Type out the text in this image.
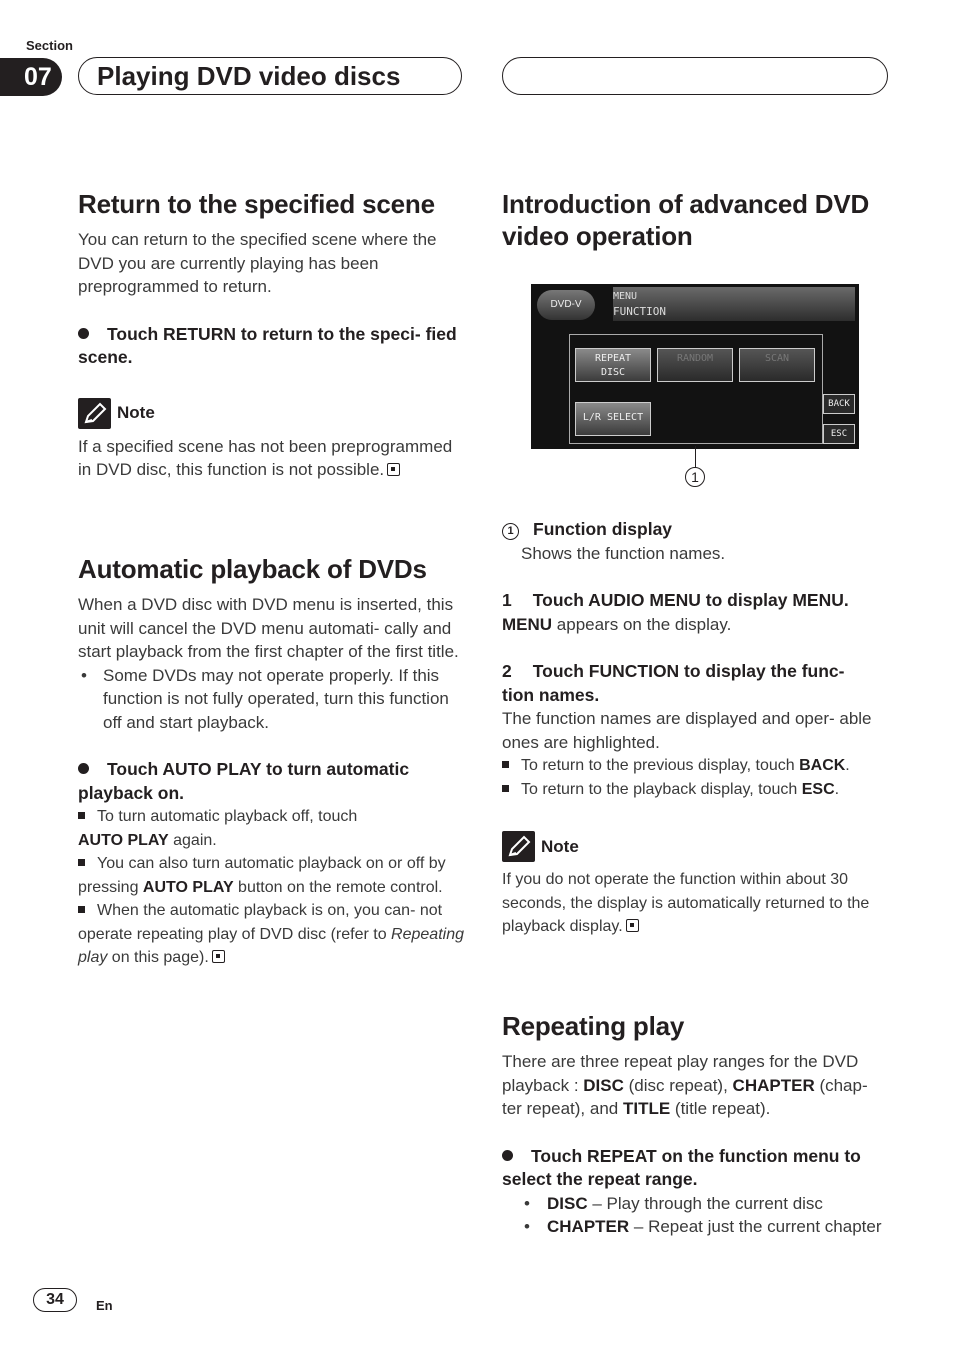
Section
07	Playing DVD video discs
Return to the specified scene

You can return to the specified scene where the DVD you are currently playing has been preprogrammed to return.

Touch RETURN to return to the speci- fied scene.

Note

If a specified scene has not been preprogrammed in DVD disc, this function is not possible.

Automatic playback of DVDs

When a DVD disc with DVD menu is inserted, this unit will cancel the DVD menu automati- cally and start playback from the first chapter of the first title.

• Some DVDs may not operate properly. If this function is not fully operated, turn this function off and start playback.

Touch AUTO PLAY to turn automatic playback on.

To turn automatic playback off, touch
AUTO PLAY again.

You can also turn automatic playback on or off by pressing AUTO PLAY button on the remote control.

When the automatic playback is on, you can- not operate repeating play of DVD disc (refer to Repeating play on this page).

Introduction of advanced DVD video operation
DVD-V
MENU
FUNCTION
REPEAT
DISC
RANDOM	SCAN
L/R SELECT
BACK
ESC
1

1 Function display

Shows the function names.

1 Touch AUDIO MENU to display MENU.

MENU appears on the display.

2 Touch FUNCTION to display the func- tion names.

The function names are displayed and oper- able ones are highlighted.

To return to the previous display, touch BACK.

To return to the playback display, touch ESC.

Note

If you do not operate the function within about 30 seconds, the display is automatically returned to the playback display.

Repeating play

There are three repeat play ranges for the DVD playback : DISC (disc repeat), CHAPTER (chap- ter repeat), and TITLE (title repeat).

Touch REPEAT on the function menu to select the repeat range.

• DISC – Play through the current disc

• CHAPTER – Repeat just the current chapter

34	En
